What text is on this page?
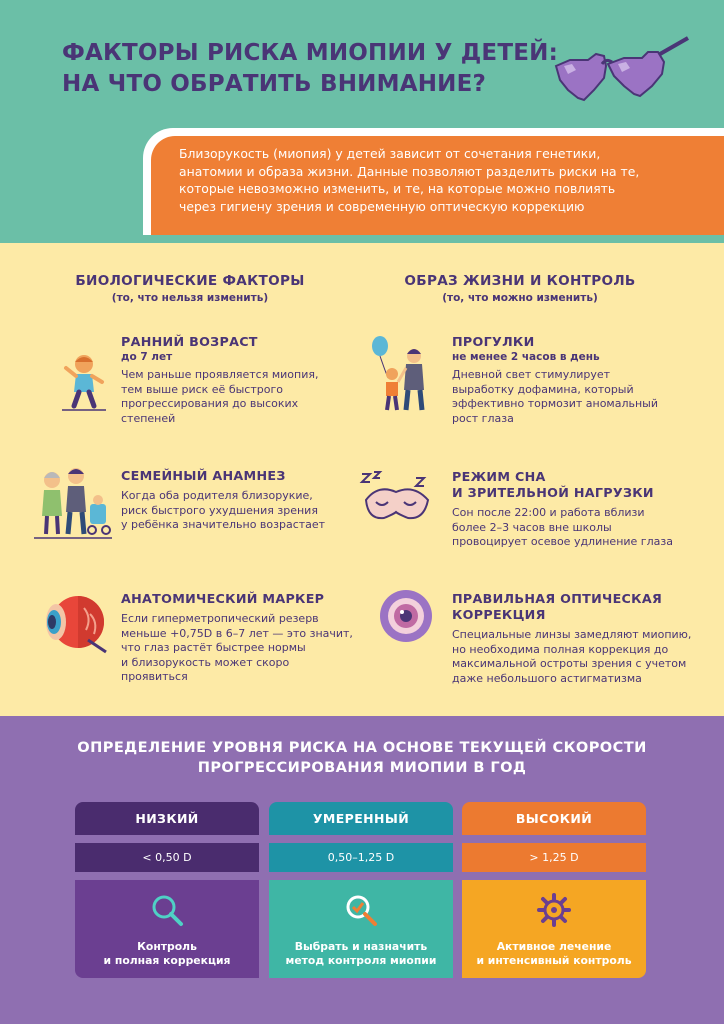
ФАКТОРЫ РИСКА МИОПИИ У ДЕТЕЙ:
НА ЧТО ОБРАТИТЬ ВНИМАНИЕ?
Близорукость (миопия) у детей зависит от сочетания генетики,
анатомии и образа жизни. Данные позволяют разделить риски на те,
которые невозможно изменить, и те, на которые можно повлиять
через гигиену зрения и современную оптическую коррекцию
БИОЛОГИЧЕСКИЕ ФАКТОРЫ
(то, что нельзя изменить)
ОБРАЗ ЖИЗНИ И КОНТРОЛЬ
(то, что можно изменить)
РАННИЙ ВОЗРАСТ
до 7 лет
Чем раньше проявляется миопия,
тем выше риск её быстрого
прогрессирования до высоких
степеней
СЕМЕЙНЫЙ АНАМНЕЗ
Когда оба родителя близорукие,
риск быстрого ухудшения зрения
у ребёнка значительно возрастает
АНАТОМИЧЕСКИЙ МАРКЕР
Если гиперметропический резерв
меньше +0,75D в 6–7 лет — это значит,
что глаз растёт быстрее нормы
и близорукость может скоро
проявиться
ПРОГУЛКИ
не менее 2 часов в день
Дневной свет стимулирует
выработку дофамина, который
эффективно тормозит аномальный
рост глаза
РЕЖИМ СНА
И ЗРИТЕЛЬНОЙ НАГРУЗКИ
Сон после 22:00 и работа вблизи
более 2–3 часов вне школы
провоцирует осевое удлинение глаза
ПРАВИЛЬНАЯ ОПТИЧЕСКАЯ
КОРРЕКЦИЯ
Специальные линзы замедляют миопию,
но необходима полная коррекция до
максимальной остроты зрения с учетом
даже небольшого астигматизма
ОПРЕДЕЛЕНИЕ УРОВНЯ РИСКА НА ОСНОВЕ ТЕКУЩЕЙ СКОРОСТИ
ПРОГРЕССИРОВАНИЯ МИОПИИ В ГОД
НИЗКИЙ
< 0,50 D
Контроль
и полная коррекция
УМЕРЕННЫЙ
0,50–1,25 D
Выбрать и назначить
метод контроля миопии
ВЫСОКИЙ
> 1,25 D
Активное лечение
и интенсивный контроль
